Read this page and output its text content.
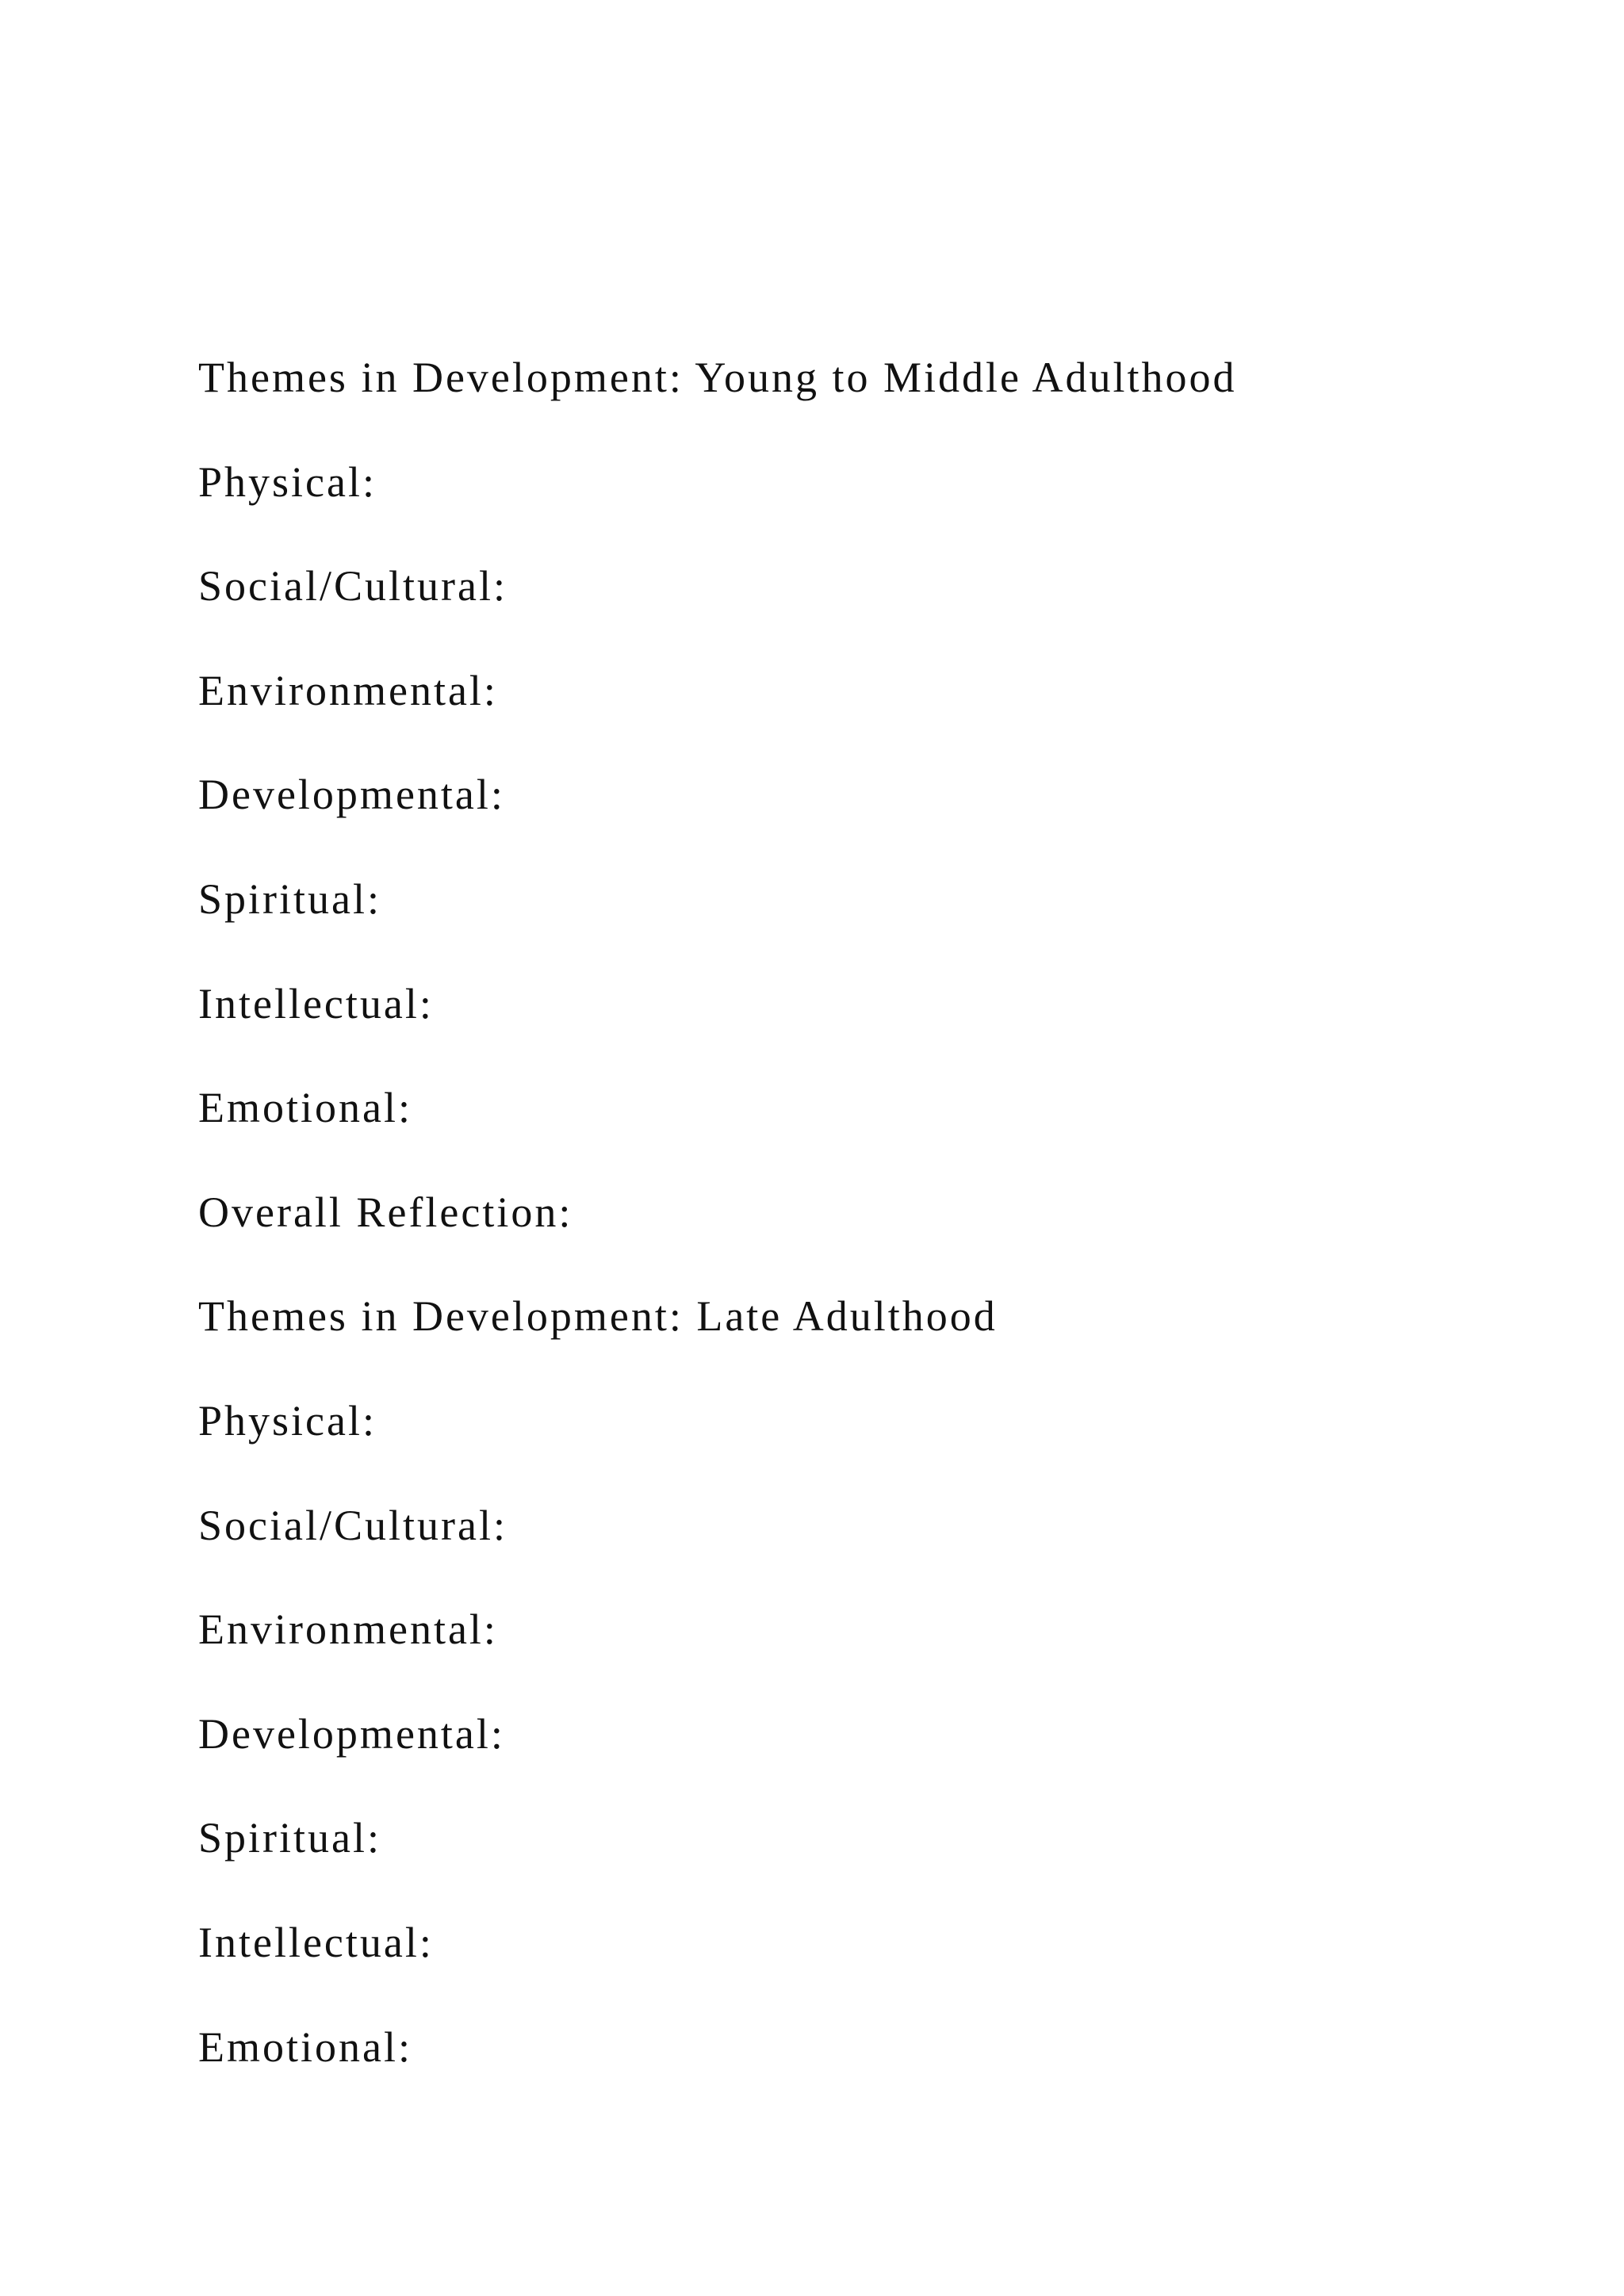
Themes in Development: Young to Middle Adulthood
Physical:
Social/Cultural:
Environmental:
Developmental:
Spiritual:
Intellectual:
Emotional:
Overall Reflection:
Themes in Development: Late Adulthood
Physical:
Social/Cultural:
Environmental:
Developmental:
Spiritual:
Intellectual:
Emotional:
